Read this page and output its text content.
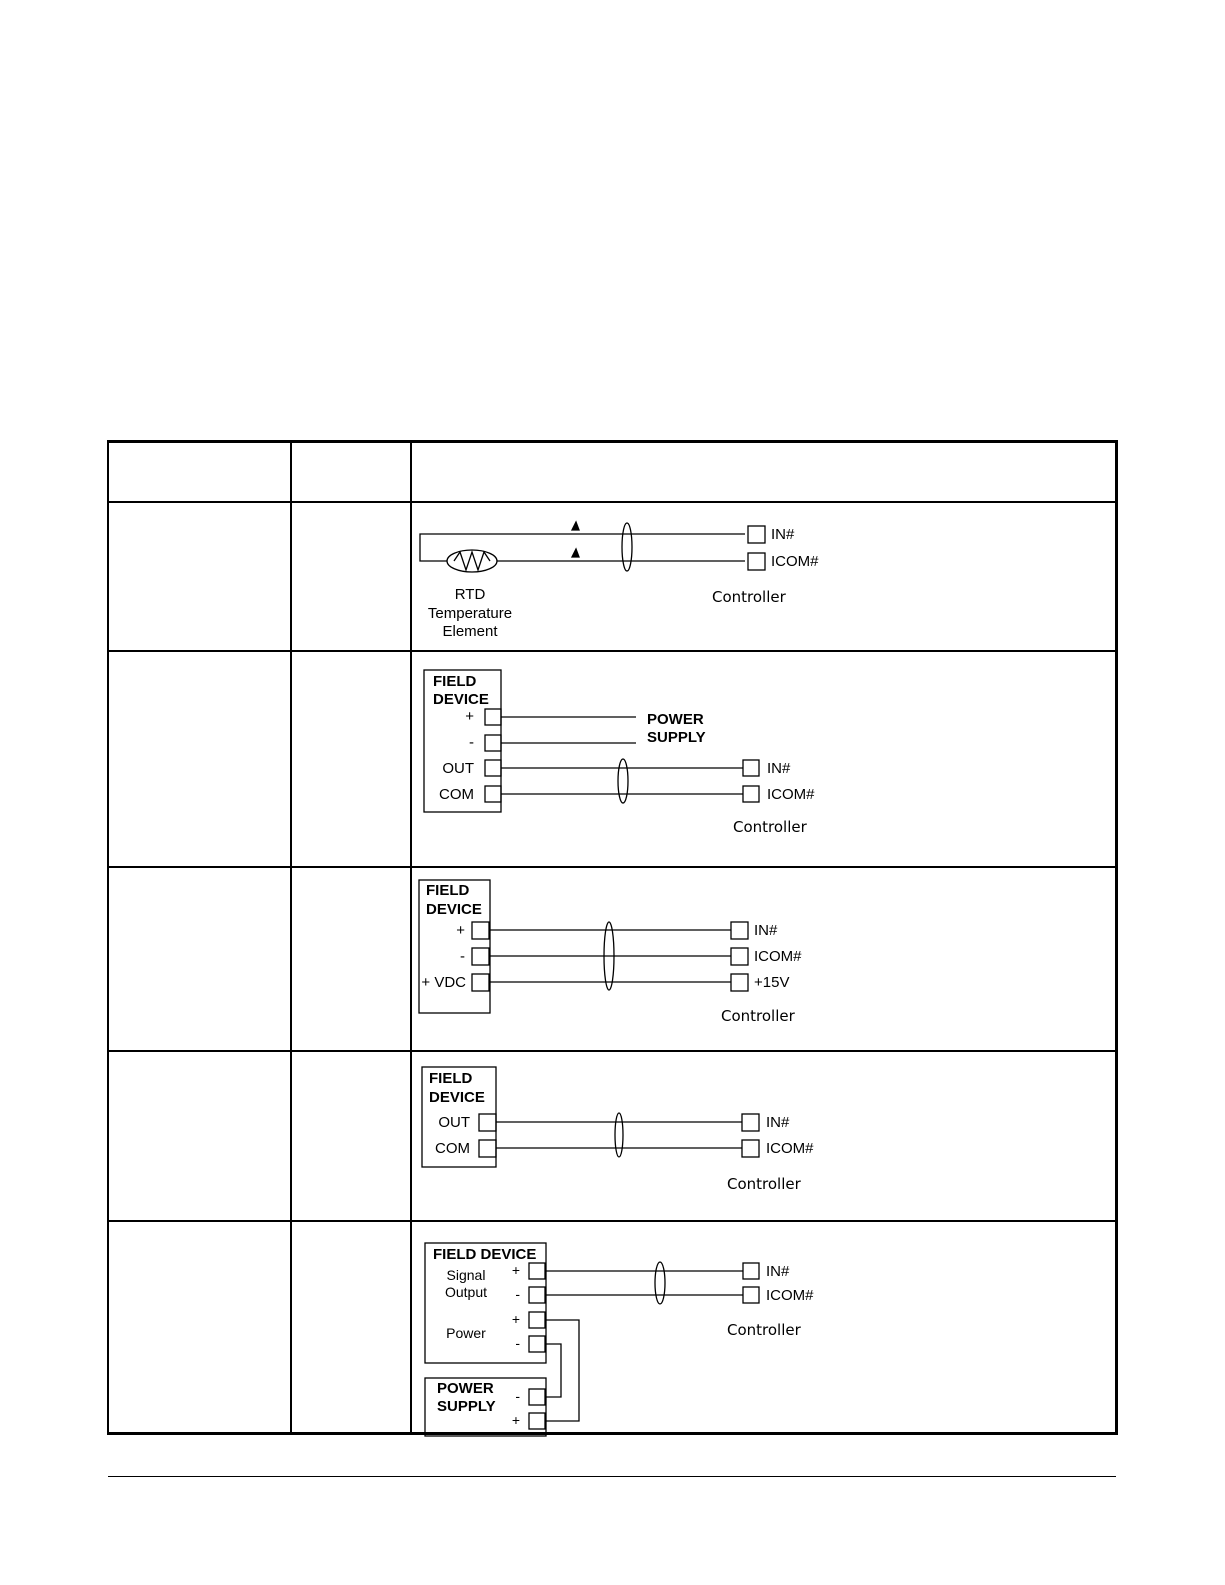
RTD
Temperature
Element
IN#
ICOM#
Controller
FIELD
DEVICE
+
-
OUT
COM
POWER
SUPPLY
IN#
ICOM#
Controller
FIELD
DEVICE
+
-
+ VDC
IN#
ICOM#
+15V
Controller
FIELD
DEVICE
OUT
COM
IN#
ICOM#
Controller
FIELD DEVICE
Signal
Output
Power
+
-
+
-
POWER
SUPPLY
-
+
IN#
ICOM#
Controller
